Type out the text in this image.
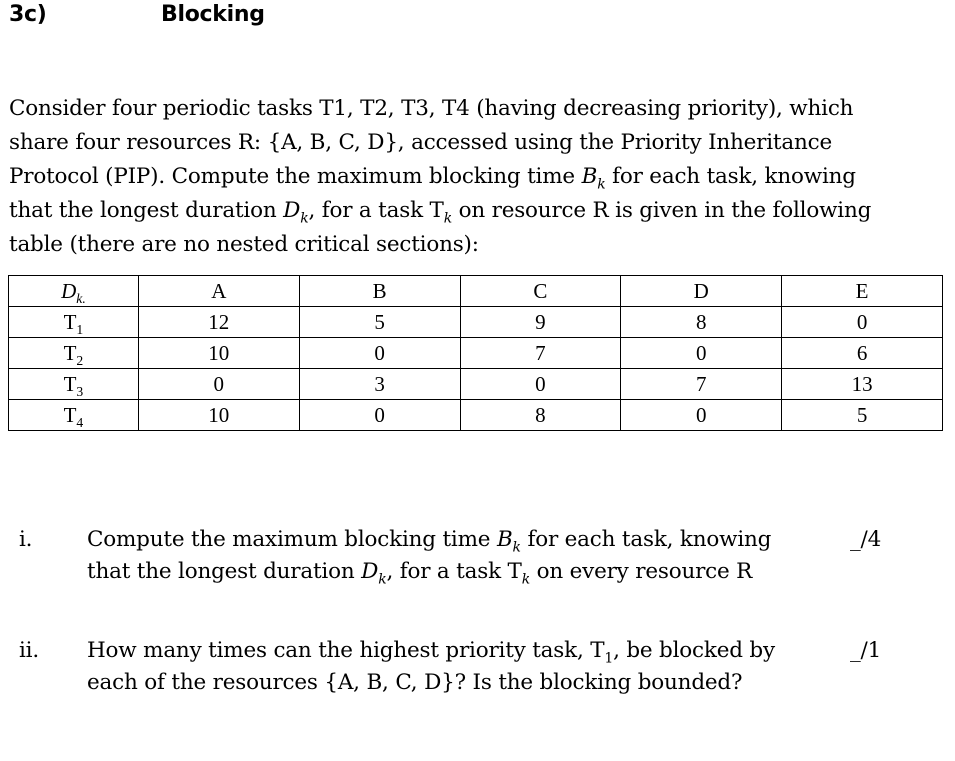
3c)	Blocking
Consider four periodic tasks T1, T2, T3, T4 (having decreasing priority), which
share four resources R: {A, B, C, D}, accessed using the Priority Inheritance
Protocol (PIP). Compute the maximum blocking time $B_k$ for each task, knowing
that the longest duration $D_k$, for a task $T_k$ on resource R is given in the following
table (there are no nested critical sections):
$D_{k.}$	A	B	C	D	E
$T_1$	12	5	9	8	0
$T_2$	10	0	7	0	6
$T_3$	0	3	0	7	13
$T_4$	10	0	8	0	5
i.	Compute the maximum blocking time $B_k$ for each task, knowing
that the longest duration $D_k$, for a task $T_k$ on every resource R
_/4
ii. How many times can the highest priority task, $T_1$, be blocked by
each of the resources {A, B, C, D}? Is the blocking bounded?
_/1
